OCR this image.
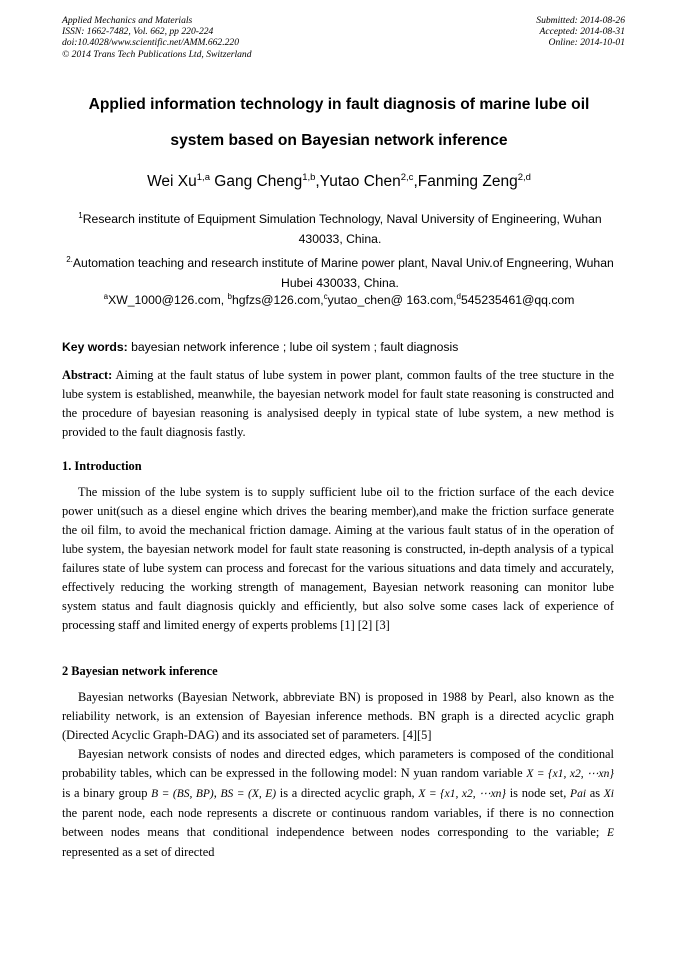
Applied Mechanics and Materials
ISSN: 1662-7482, Vol. 662, pp 220-224
doi:10.4028/www.scientific.net/AMM.662.220
© 2014 Trans Tech Publications Ltd, Switzerland
Submitted: 2014-08-26
Accepted: 2014-08-31
Online: 2014-10-01
Applied information technology in fault diagnosis of marine lube oil
system based on Bayesian network inference
Wei Xu$^{1,a}$ Gang Cheng$^{1,b}$,Yutao Chen$^{2,c}$,Fanming Zeng$^{2,d}$
$^1$Research institute of Equipment Simulation Technology, Naval University of Engineering, Wuhan 430033, China.
$^{2.}$Automation teaching and research institute of Marine power plant, Naval Univ.of Engneering, Wuhan Hubei 430033, China.
$^a$XW_1000@126.com, $^b$hgfzs@126.com,$^c$yutao_chen@ 163.com,$^d$545235461@qq.com
Key words: bayesian network inference ; lube oil system ; fault diagnosis
Abstract: Aiming at the fault status of lube system in power plant, common faults of the tree stucture in the lube system is established, meanwhile, the bayesian network model for fault state reasoning is constructed and the procedure of bayesian reasoning is analysised deeply in typical state of lube system, a new method is provided to the fault diagnosis fastly.
1. Introduction
The mission of the lube system is to supply sufficient lube oil to the friction surface of the each device power unit(such as a diesel engine which drives the bearing member),and make the friction surface generate the oil film, to avoid the mechanical friction damage. Aiming at the various fault status of in the operation of lube system, the bayesian network model for fault state reasoning is constructed, in-depth analysis of a typical failures state of lube system can process and forecast for the various situations and data timely and accurately, effectively reducing the working strength of management, Bayesian network reasoning can monitor lube system status and fault diagnosis quickly and efficiently, but also solve some cases lack of experience of processing staff and limited energy of experts problems [1] [2] [3]
2 Bayesian network inference
Bayesian networks (Bayesian Network, abbreviate BN) is proposed in 1988 by Pearl, also known as the reliability network, is an extension of Bayesian inference methods. BN graph is a directed acyclic graph (Directed Acyclic Graph-DAG) and its associated set of parameters. [4][5]
Bayesian network consists of nodes and directed edges, which parameters is composed of the conditional probability tables, which can be expressed in the following model: N yuan random variable X = {x1, x2, ⋯xn} is a binary group B = (BS, BP), BS = (X, E) is a directed acyclic graph, X = {x1, x2, ⋯xn} is node set, Pai as Xi the parent node, each node represents a discrete or continuous random variables, if there is no connection between nodes means that conditional independence between nodes corresponding to the variable; E represented as a set of directed
